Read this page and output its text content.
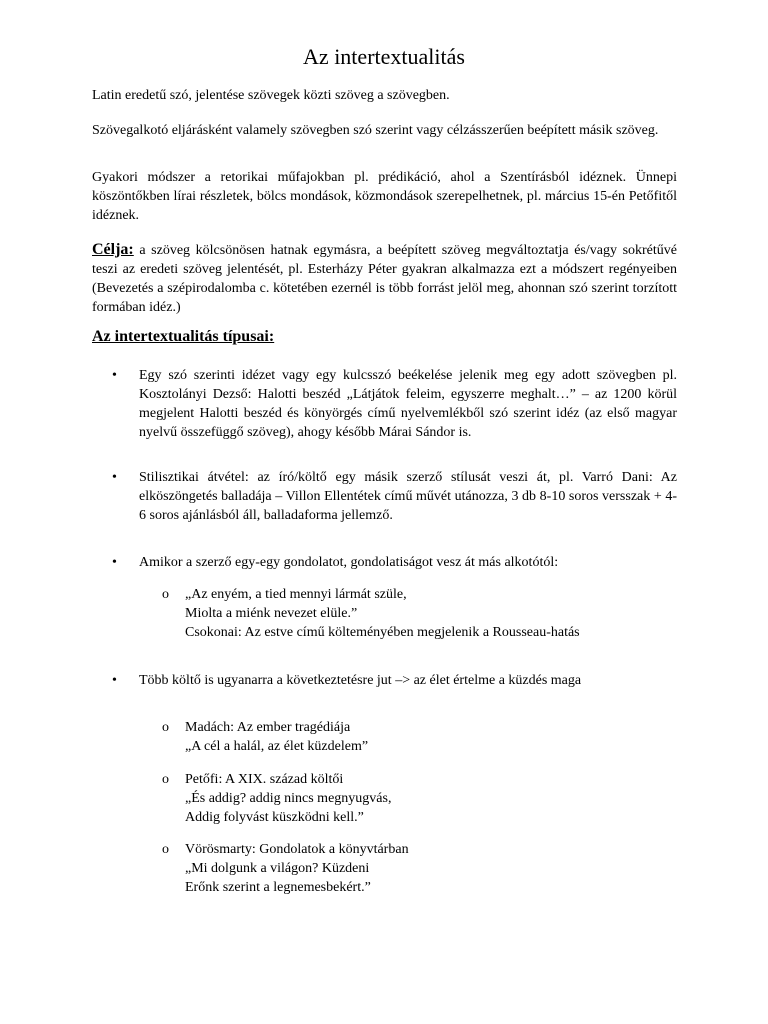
Az intertextualitás

Latin eredetű szó, jelentése szövegek közti szöveg a szövegben.

Szövegalkotó eljárásként valamely szövegben szó szerint vagy célzásszerűen beépített másik szöveg.

Gyakori módszer a retorikai műfajokban pl. prédikáció, ahol a Szentírásból idéznek. Ünnepi köszöntőkben lírai részletek, bölcs mondások, közmondások szerepelhetnek, pl. március 15-én Petőfitől idéznek.

Célja: a szöveg kölcsönösen hatnak egymásra, a beépített szöveg megváltoztatja és/vagy sokrétűvé teszi az eredeti szöveg jelentését, pl. Esterházy Péter gyakran alkalmazza ezt a módszert regényeiben (Bevezetés a szépirodalomba c. kötetében ezernél is több forrást jelöl meg, ahonnan szó szerint torzított formában idéz.)

Az intertextualitás típusai:
• Egy szó szerinti idézet vagy egy kulcsszó beékelése jelenik meg egy adott szövegben pl. Kosztolányi Dezső: Halotti beszéd „Látjátok feleim, egyszerre meghalt…” – az 1200 körül megjelent Halotti beszéd és könyörgés című nyelvemlékből szó szerint idéz (az első magyar nyelvű összefüggő szöveg), ahogy később Márai Sándor is.
• Stilisztikai átvétel: az író/költő egy másik szerző stílusát veszi át, pl. Varró Dani: Az elköszöngetés balladája – Villon Ellentétek című művét utánozza, 3 db 8-10 soros versszak + 4-6 soros ajánlásból áll, balladaforma jellemző.
• Amikor a szerző egy-egy gondolatot, gondolatiságot vesz át más alkotótól:
o „Az enyém, a tied mennyi lármát szüle,
Miolta a miénk nevezet elüle.”
Csokonai: Az estve című költeményében megjelenik a Rousseau-hatás
• Több költő is ugyanarra a következtetésre jut –> az élet értelme a küzdés maga
o Madách: Az ember tragédiája
„A cél a halál, az élet küzdelem”
o Petőfi: A XIX. század költői
„És addig? addig nincs megnyugvás,
Addig folyvást küszködni kell.”
o Vörösmarty: Gondolatok a könyvtárban
„Mi dolgunk a világon? Küzdeni
Erőnk szerint a legnemesbekért.”
